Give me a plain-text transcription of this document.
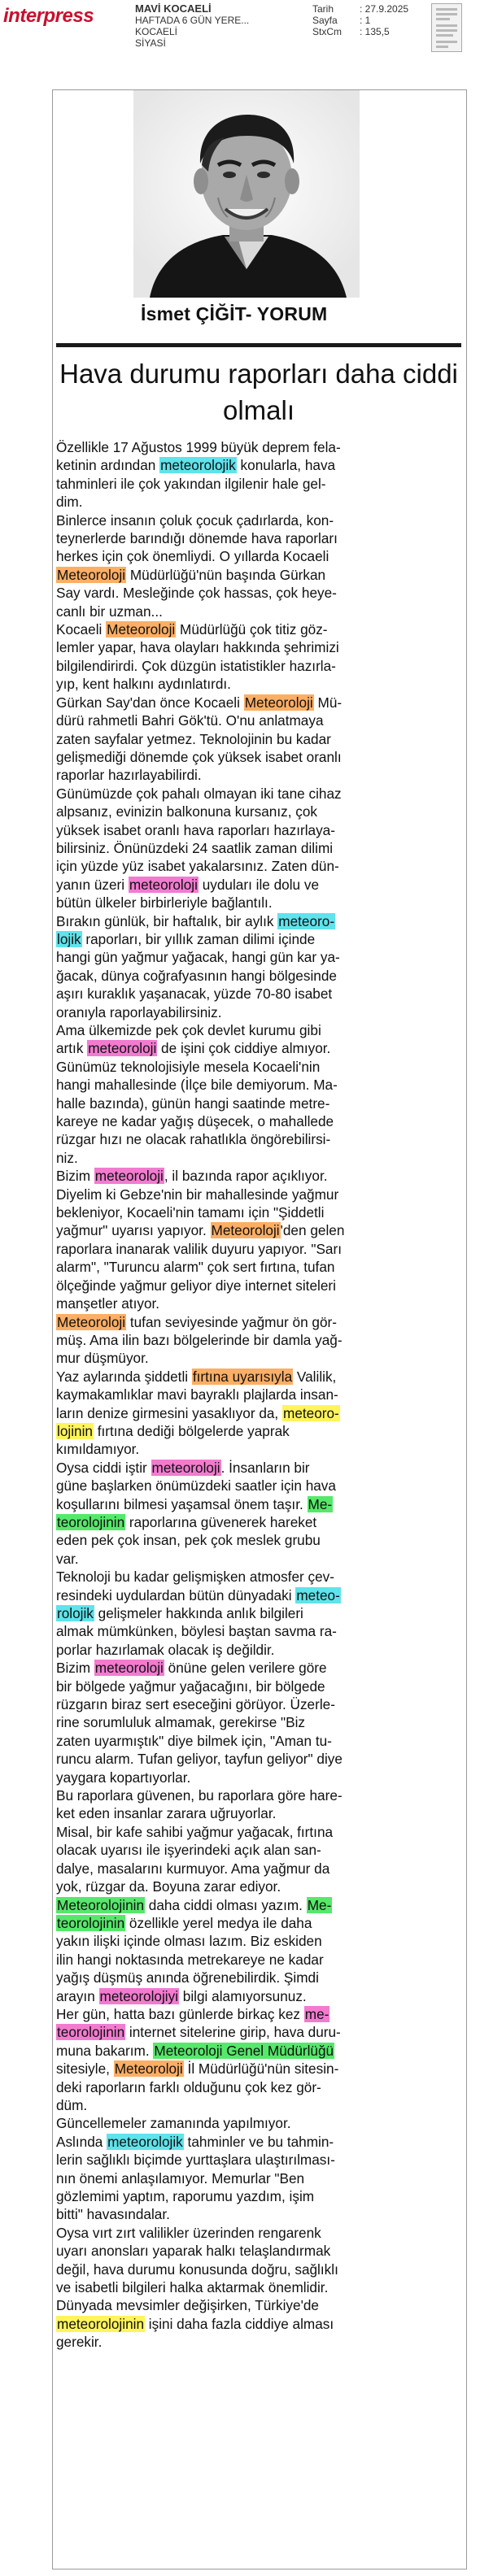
interpress	MAVİ KOCAELİ
HAFTADA 6 GÜN YERE...
KOCAELİ
SİYASİ
Tarih	: 27.9.2025
Sayfa	: 1
StxCm	: 135,5
İsmet ÇİĞİT- YORUM
Hava durumu raporları daha ciddi olmalı

Özellikle 17 Ağustos 1999 büyük deprem fela-

ketinin ardından meteorolojik konularla, hava

tahminleri ile çok yakından ilgilenir hale gel-

dim.

Binlerce insanın çoluk çocuk çadırlarda, kon-

teynerlerde barındığı dönemde hava raporları

herkes için çok önemliydi. O yıllarda Kocaeli

Meteoroloji Müdürlüğü'nün başında Gürkan

Say vardı. Mesleğinde çok hassas, çok heye-

canlı bir uzman...

Kocaeli Meteoroloji Müdürlüğü çok titiz göz-

lemler yapar, hava olayları hakkında şehrimizi

bilgilendirirdi. Çok düzgün istatistikler hazırla-

yıp, kent halkını aydınlatırdı.

Gürkan Say'dan önce Kocaeli Meteoroloji Mü-

dürü rahmetli Bahri Gök'tü. O'nu anlatmaya

zaten sayfalar yetmez. Teknolojinin bu kadar

gelişmediği dönemde çok yüksek isabet oranlı

raporlar hazırlayabilirdi.

Günümüzde çok pahalı olmayan iki tane cihaz

alpsanız, evinizin balkonuna kursanız, çok

yüksek isabet oranlı hava raporları hazırlaya-

bilirsiniz. Önünüzdeki 24 saatlik zaman dilimi

için yüzde yüz isabet yakalarsınız. Zaten dün-

yanın üzeri meteoroloji uyduları ile dolu ve

bütün ülkeler birbirleriyle bağlantılı.

Bırakın günlük, bir haftalık, bir aylık meteoro-

lojik raporları, bir yıllık zaman dilimi içinde

hangi gün yağmur yağacak, hangi gün kar ya-

ğacak, dünya coğrafyasının hangi bölgesinde

aşırı kuraklık yaşanacak, yüzde 70-80 isabet

oranıyla raporlayabilirsiniz.

Ama ülkemizde pek çok devlet kurumu gibi

artık meteoroloji de işini çok ciddiye almıyor.

Günümüz teknolojisiyle mesela Kocaeli'nin

hangi mahallesinde (İlçe bile demiyorum. Ma-

halle bazında), günün hangi saatinde metre-

kareye ne kadar yağış düşecek, o mahallede

rüzgar hızı ne olacak rahatlıkla öngörebilirsi-

niz.

Bizim meteoroloji, il bazında rapor açıklıyor.

Diyelim ki Gebze'nin bir mahallesinde yağmur

bekleniyor, Kocaeli'nin tamamı için "Şiddetli

yağmur" uyarısı yapıyor. Meteoroloji'den gelen

raporlara inanarak valilik duyuru yapıyor. "Sarı

alarm", "Turuncu alarm" çok sert fırtına, tufan

ölçeğinde yağmur geliyor diye internet siteleri

manşetler atıyor.

Meteoroloji tufan seviyesinde yağmur ön gör-

müş. Ama ilin bazı bölgelerinde bir damla yağ-

mur düşmüyor.

Yaz aylarında şiddetli fırtına uyarısıyla Valilik,

kaymakamlıklar mavi bayraklı plajlarda insan-

ların denize girmesini yasaklıyor da, meteoro-

lojinin fırtına dediği bölgelerde yaprak

kımıldamıyor.

Oysa ciddi iştir meteoroloji. İnsanların bir

güne başlarken önümüzdeki saatler için hava

koşullarını bilmesi yaşamsal önem taşır. Me-

teorolojinin raporlarına güvenerek hareket

eden pek çok insan, pek çok meslek grubu

var.

Teknoloji bu kadar gelişmişken atmosfer çev-

resindeki uydulardan bütün dünyadaki meteo-

rolojik gelişmeler hakkında anlık bilgileri

almak mümkünken, böylesi baştan savma ra-

porlar hazırlamak olacak iş değildir.

Bizim meteoroloji önüne gelen verilere göre

bir bölgede yağmur yağacağını, bir bölgede

rüzgarın biraz sert eseceğini görüyor. Üzerle-

rine sorumluluk almamak, gerekirse "Biz

zaten uyarmıştık" diye bilmek için, "Aman tu-

runcu alarm. Tufan geliyor, tayfun geliyor" diye

yaygara kopartıyorlar.

Bu raporlara güvenen, bu raporlara göre hare-

ket eden insanlar zarara uğruyorlar.

Misal, bir kafe sahibi yağmur yağacak, fırtına

olacak uyarısı ile işyerindeki açık alan san-

dalye, masalarını kurmuyor. Ama yağmur da

yok, rüzgar da. Boyuna zarar ediyor.

Meteorolojinin daha ciddi olması yazım. Me-

teorolojinin özellikle yerel medya ile daha

yakın ilişki içinde olması lazım. Biz eskiden

ilin hangi noktasında metrekareye ne kadar

yağış düşmüş anında öğrenebilirdik. Şimdi

arayın meteorolojiyi bilgi alamıyorsunuz.

Her gün, hatta bazı günlerde birkaç kez me-

teorolojinin internet sitelerine girip, hava duru-

muna bakarım. Meteoroloji Genel Müdürlüğü

sitesiyle, Meteoroloji İl Müdürlüğü'nün sitesin-

deki raporların farklı olduğunu çok kez gör-

düm.

Güncellemeler zamanında yapılmıyor.

Aslında meteorolojik tahminler ve bu tahmin-

lerin sağlıklı biçimde yurttaşlara ulaştırılması-

nın önemi anlaşılamıyor. Memurlar "Ben

gözlemimi yaptım, raporumu yazdım, işim

bitti" havasındalar.

Oysa vırt zırt valilikler üzerinden rengarenk

uyarı anonsları yaparak halkı telaşlandırmak

değil, hava durumu konusunda doğru, sağlıklı

ve isabetli bilgileri halka aktarmak önemlidir.

Dünyada mevsimler değişirken, Türkiye'de

meteorolojinin işini daha fazla ciddiye alması

gerekir.
